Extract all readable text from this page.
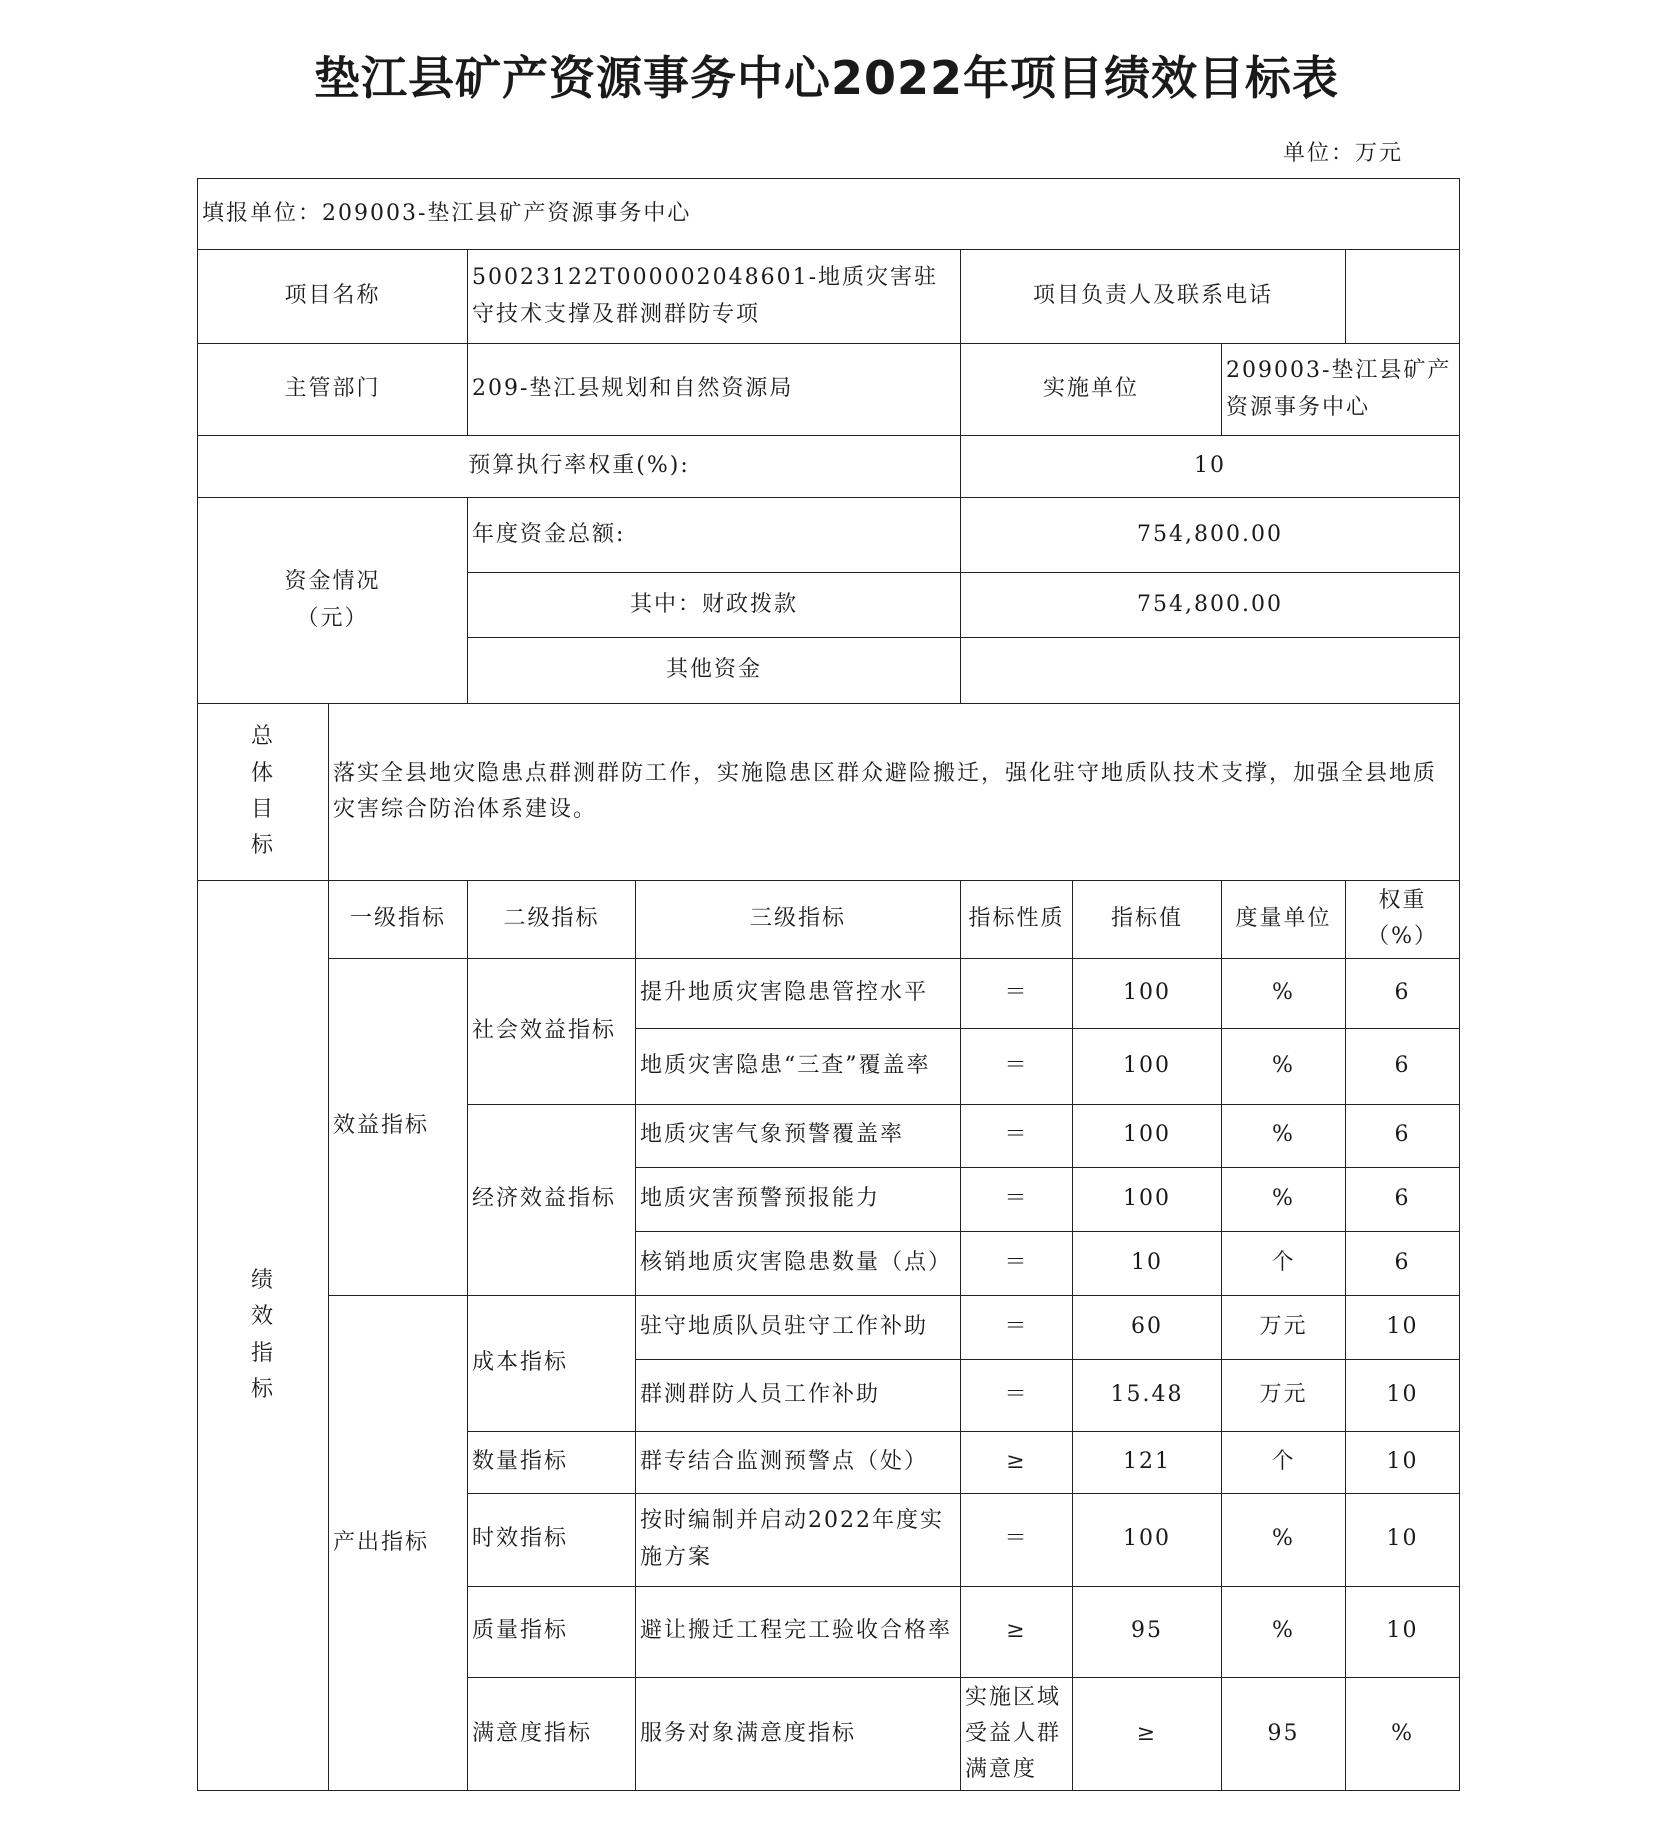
垫江县矿产资源事务中心2022年项目绩效目标表
单位：万元
填报单位：209003-垫江县矿产资源事务中心								
项目名称		50023122T000002048601-地质灾害驻守技术支撑及群测群防专项		项目负责人及联系电话				
主管部门		209-垫江县规划和自然资源局		实施单位		209003-垫江县矿产资源事务中心		
预算执行率权重(%):				10				

资金情况
（元）		年度资金总额:		754,800.00				
		其中：财政拨款		754,800.00				
		其他资金						

总
体
目
标	落实全县地灾隐患点群测群防工作，实施隐患区群众避险搬迁，强化驻守地质队技术支撑，加强全县地质灾害综合防治体系建设。							

绩
效
指
标	一级指标	二级指标	三级指标	指标性质	指标值	度量单位	权重（%）	
	效益指标	社会效益指标	提升地质灾害隐患管控水平	＝	100	%	6	
			地质灾害隐患“三查”覆盖率	＝	100	%	6	
		经济效益指标	地质灾害气象预警覆盖率	＝	100	%	6	
			地质灾害预警预报能力	＝	100	%	6	
			核销地质灾害隐患数量（点）	＝	10	个	6	
	产出指标	成本指标	驻守地质队员驻守工作补助	＝	60	万元	10	
			群测群防人员工作补助	＝	15.48	万元	10	
		数量指标	群专结合监测预警点（处）	≥	121	个	10	
		时效指标	按时编制并启动2022年度实施方案	＝	100	%	10	
		质量指标	避让搬迁工程完工验收合格率	≥	95	%	10	
		满意度指标	服务对象满意度指标	实施区域受益人群满意度	≥	95	%	
